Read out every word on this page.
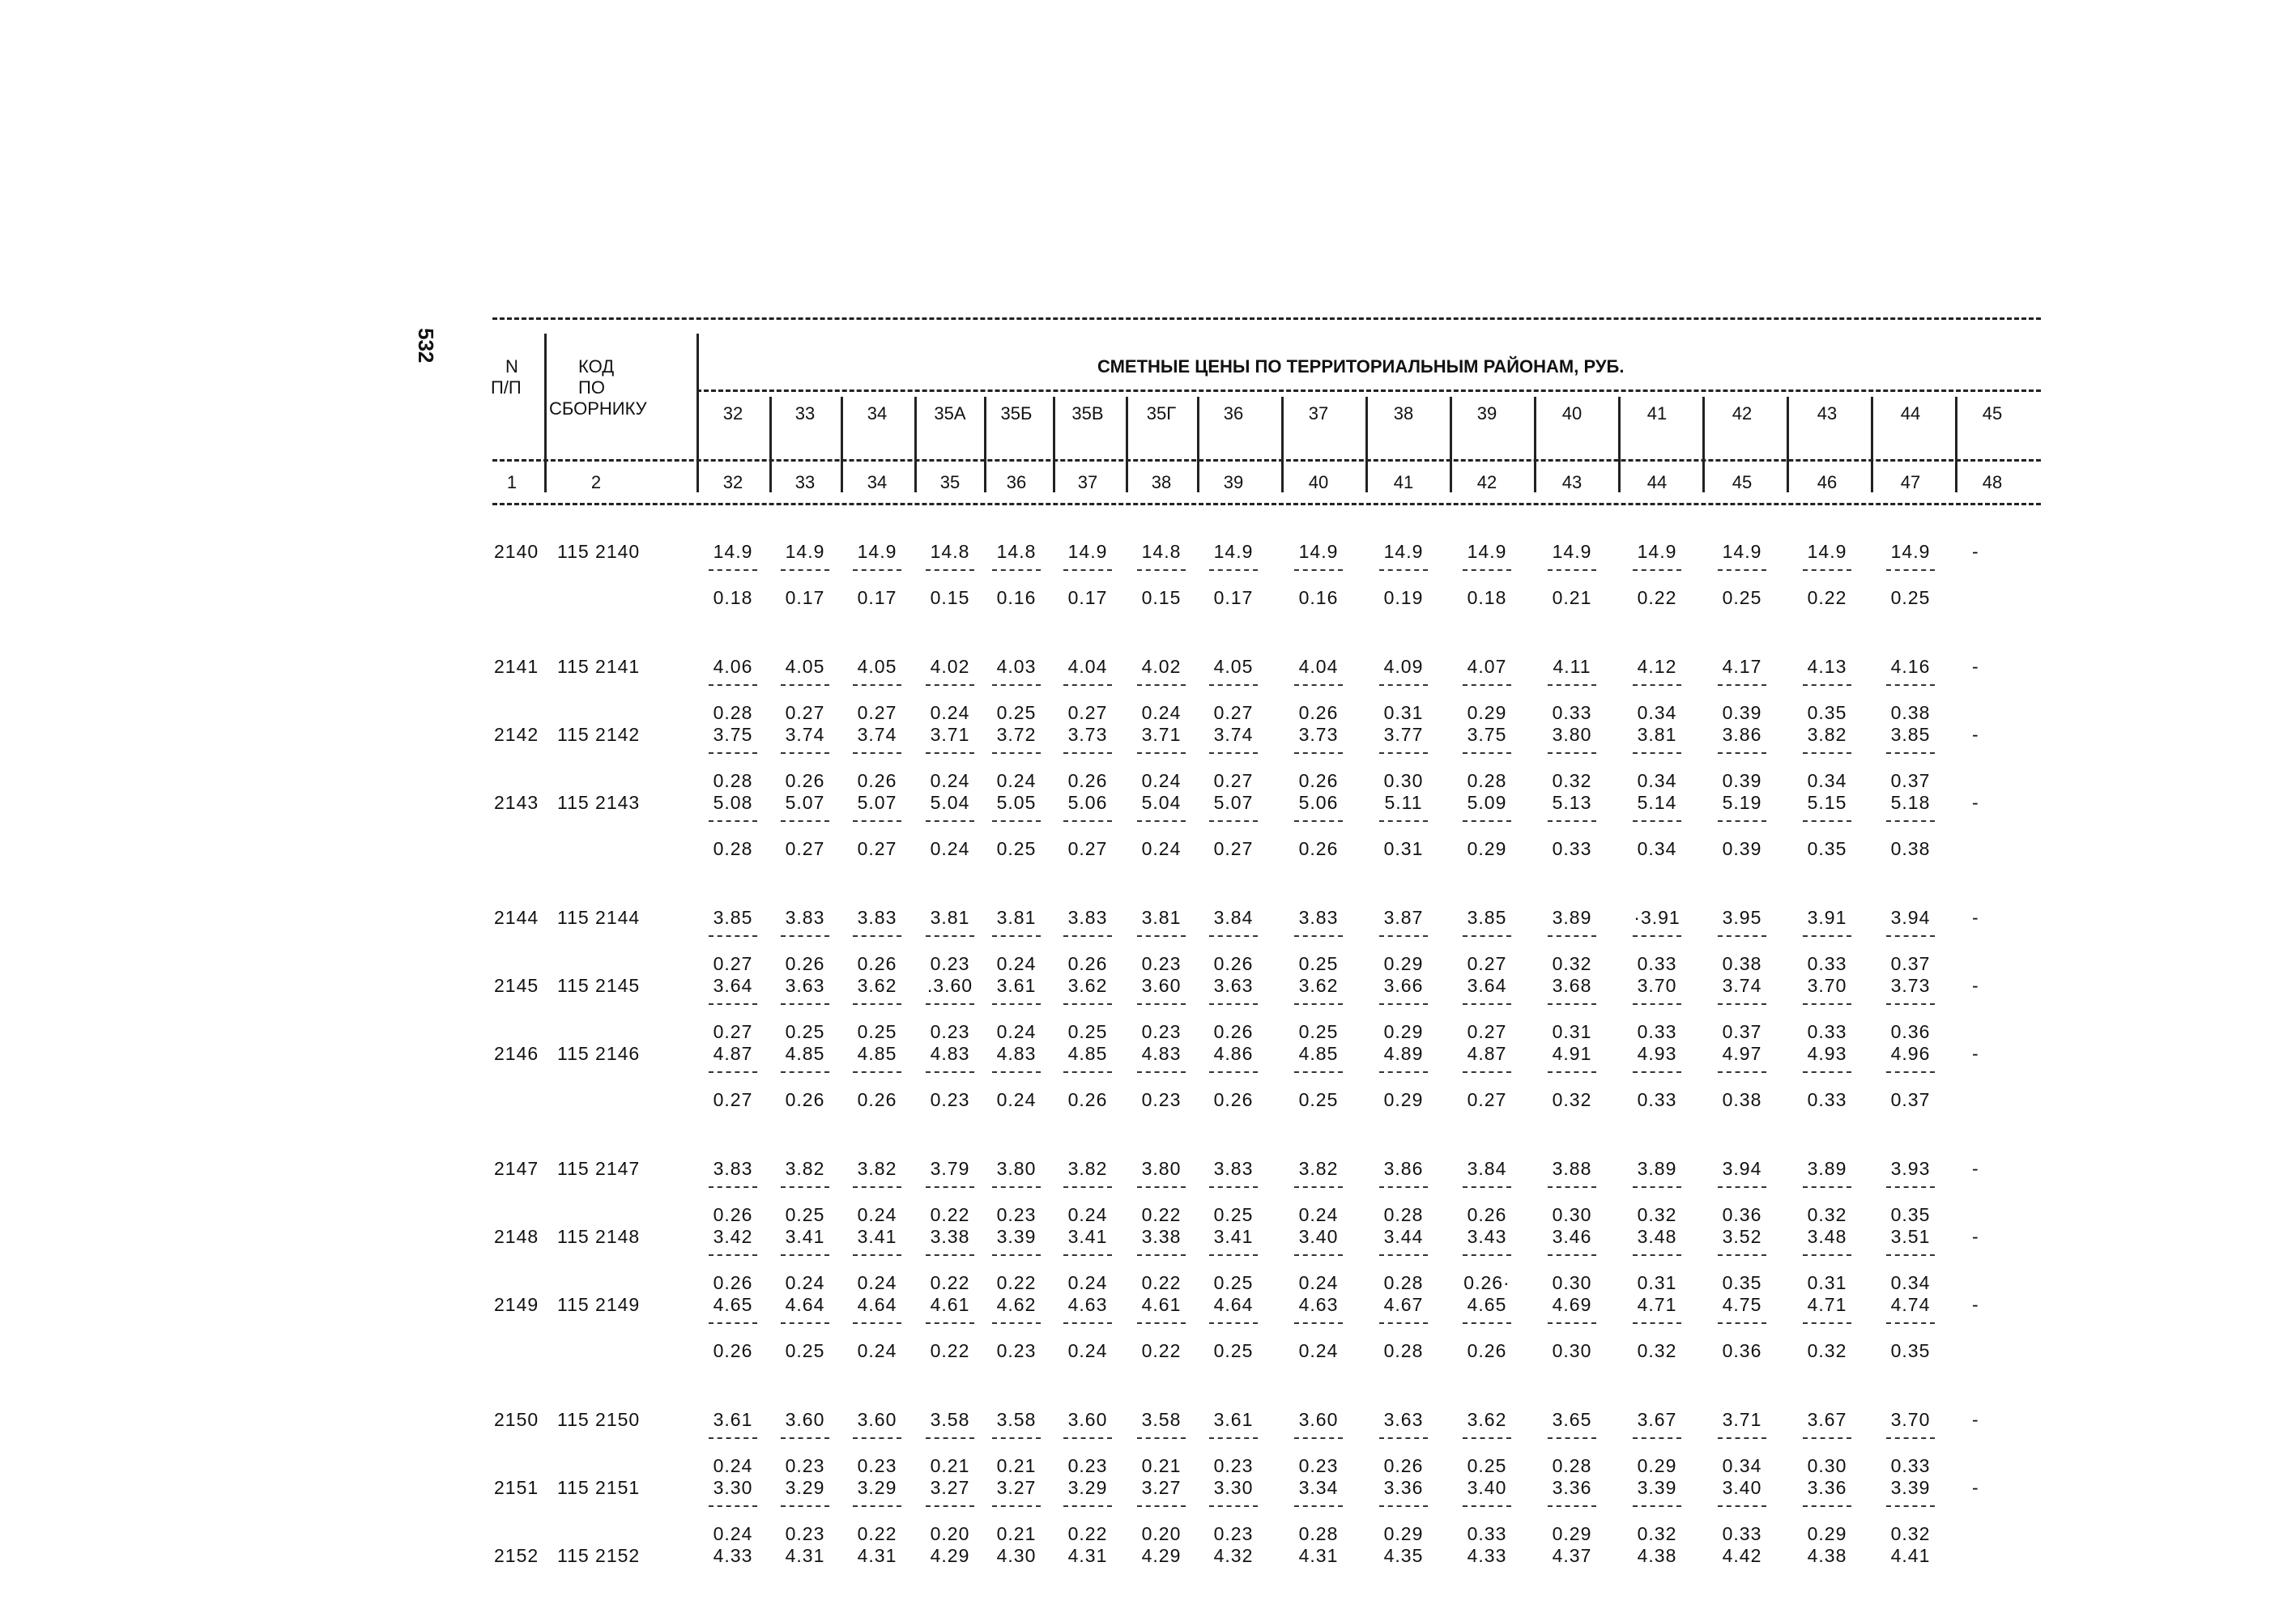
532
N
П/П
КОД
ПО
СБОРНИКУ
СМЕТНЫЕ ЦЕНЫ ПО ТЕРРИТОРИАЛЬНЫМ РАЙОНАМ, РУБ.
32	33	34	35А	35Б	35В	35Г	36	37	38	39	40	41	42	43	44	45
1	2	32	33	34	35	36	37	38	39	40	41	42	43	44	45	46	47	48
2140 115 2140	14.9	14.9	14.9	14.8	14.8	14.9	14.8	14.9	14.9	14.9	14.9	14.9	14.9	14.9	14.9	14.9	-
0.18	0.17	0.17	0.15	0.16	0.17	0.15	0.17	0.16	0.19	0.18	0.21	0.22	0.25	0.22	0.25
2141 115 2141	4.06	4.05	4.05	4.02	4.03	4.04	4.02	4.05	4.04	4.09	4.07	4.11	4.12	4.17	4.13	4.16	-
0.28	0.27	0.27	0.24	0.25	0.27	0.24	0.27	0.26	0.31	0.29	0.33	0.34	0.39	0.35	0.38
2142 115 2142	3.75	3.74	3.74	3.71	3.72	3.73	3.71	3.74	3.73	3.77	3.75	3.80	3.81	3.86	3.82	3.85	-
0.28	0.26	0.26	0.24	0.24	0.26	0.24	0.27	0.26	0.30	0.28	0.32	0.34	0.39	0.34	0.37
2143 115 2143	5.08	5.07	5.07	5.04	5.05	5.06	5.04	5.07	5.06	5.11	5.09	5.13	5.14	5.19	5.15	5.18	-
0.28	0.27	0.27	0.24	0.25	0.27	0.24	0.27	0.26	0.31	0.29	0.33	0.34	0.39	0.35	0.38
2144 115 2144	3.85	3.83	3.83	3.81	3.81	3.83	3.81	3.84	3.83	3.87	3.85	3.89	·3.91	3.95	3.91	3.94	-
0.27	0.26	0.26	0.23	0.24	0.26	0.23	0.26	0.25	0.29	0.27	0.32	0.33	0.38	0.33	0.37
2145 115 2145	3.64	3.63	3.62	.3.60	3.61	3.62	3.60	3.63	3.62	3.66	3.64	3.68	3.70	3.74	3.70	3.73	-
0.27	0.25	0.25	0.23	0.24	0.25	0.23	0.26	0.25	0.29	0.27	0.31	0.33	0.37	0.33	0.36
2146 115 2146	4.87	4.85	4.85	4.83	4.83	4.85	4.83	4.86	4.85	4.89	4.87	4.91	4.93	4.97	4.93	4.96	-
0.27	0.26	0.26	0.23	0.24	0.26	0.23	0.26	0.25	0.29	0.27	0.32	0.33	0.38	0.33	0.37
2147 115 2147	3.83	3.82	3.82	3.79	3.80	3.82	3.80	3.83	3.82	3.86	3.84	3.88	3.89	3.94	3.89	3.93	-
0.26	0.25	0.24	0.22	0.23	0.24	0.22	0.25	0.24	0.28	0.26	0.30	0.32	0.36	0.32	0.35
2148 115 2148	3.42	3.41	3.41	3.38	3.39	3.41	3.38	3.41	3.40	3.44	3.43	3.46	3.48	3.52	3.48	3.51	-
0.26	0.24	0.24	0.22	0.22	0.24	0.22	0.25	0.24	0.28	0.26·	0.30	0.31	0.35	0.31	0.34
2149 115 2149	4.65	4.64	4.64	4.61	4.62	4.63	4.61	4.64	4.63	4.67	4.65	4.69	4.71	4.75	4.71	4.74	-
0.26	0.25	0.24	0.22	0.23	0.24	0.22	0.25	0.24	0.28	0.26	0.30	0.32	0.36	0.32	0.35
2150 115 2150	3.61	3.60	3.60	3.58	3.58	3.60	3.58	3.61	3.60	3.63	3.62	3.65	3.67	3.71	3.67	3.70	-
0.24	0.23	0.23	0.21	0.21	0.23	0.21	0.23	0.23	0.26	0.25	0.28	0.29	0.34	0.30	0.33
2151 115 2151	3.30	3.29	3.29	3.27	3.27	3.29	3.27	3.30	3.34	3.36	3.40	3.36	3.39	3.40	3.36	3.39	-
0.24	0.23	0.22	0.20	0.21	0.22	0.20	0.23	0.28	0.29	0.33	0.29	0.32	0.33	0.29	0.32
2152 115 2152	4.33	4.31	4.31	4.29	4.30	4.31	4.29	4.32	4.31	4.35	4.33	4.37	4.38	4.42	4.38	4.41
